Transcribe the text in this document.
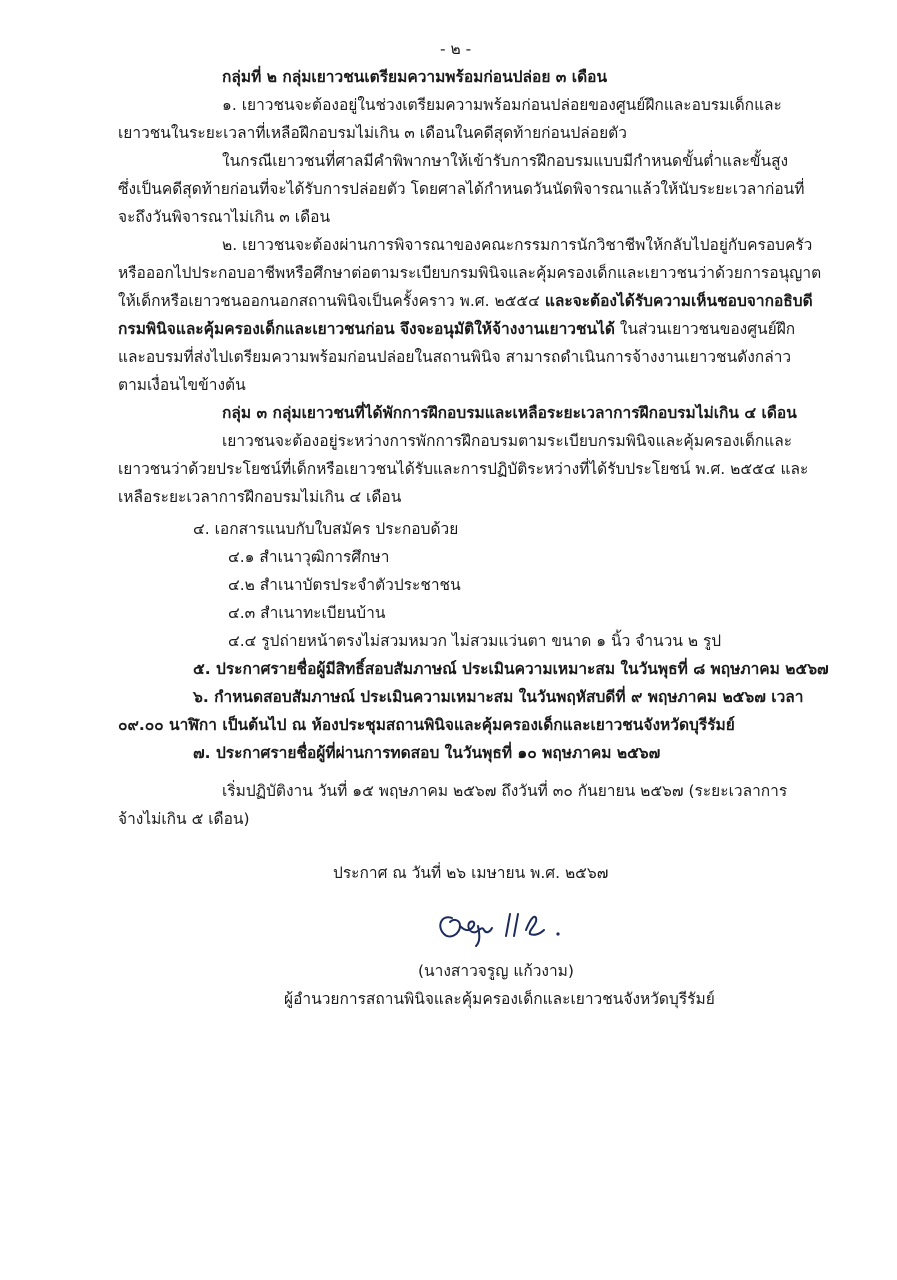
- ๒ -
กลุ่มที่ ๒ กลุ่มเยาวชนเตรียมความพร้อมก่อนปล่อย ๓ เดือน
๑. เยาวชนจะต้องอยู่ในช่วงเตรียมความพร้อมก่อนปล่อยของศูนย์ฝึกและอบรมเด็กและ
เยาวชนในระยะเวลาที่เหลือฝึกอบรมไม่เกิน ๓ เดือนในคดีสุดท้ายก่อนปล่อยตัว
ในกรณีเยาวชนที่ศาลมีคำพิพากษาให้เข้ารับการฝึกอบรมแบบมีกำหนดขั้นต่ำและขั้นสูง
ซึ่งเป็นคดีสุดท้ายก่อนที่จะได้รับการปล่อยตัว โดยศาลได้กำหนดวันนัดพิจารณาแล้วให้นับระยะเวลาก่อนที่
จะถึงวันพิจารณาไม่เกิน ๓ เดือน
๒. เยาวชนจะต้องผ่านการพิจารณาของคณะกรรมการนักวิชาชีพให้กลับไปอยู่กับครอบครัว
หรือออกไปประกอบอาชีพหรือศึกษาต่อตามระเบียบกรมพินิจและคุ้มครองเด็กและเยาวชนว่าด้วยการอนุญาต
ให้เด็กหรือเยาวชนออกนอกสถานพินิจเป็นครั้งคราว พ.ศ. ๒๕๕๔ และจะต้องได้รับความเห็นชอบจากอธิบดี
กรมพินิจและคุ้มครองเด็กและเยาวชนก่อน จึงจะอนุมัติให้จ้างงานเยาวชนได้ ในส่วนเยาวชนของศูนย์ฝึก
และอบรมที่ส่งไปเตรียมความพร้อมก่อนปล่อยในสถานพินิจ สามารถดำเนินการจ้างงานเยาวชนดังกล่าว
ตามเงื่อนไขข้างต้น
กลุ่ม ๓ กลุ่มเยาวชนที่ได้พักการฝึกอบรมและเหลือระยะเวลาการฝึกอบรมไม่เกิน ๔ เดือน
เยาวชนจะต้องอยู่ระหว่างการพักการฝึกอบรมตามระเบียบกรมพินิจและคุ้มครองเด็กและ
เยาวชนว่าด้วยประโยชน์ที่เด็กหรือเยาวชนได้รับและการปฏิบัติระหว่างที่ได้รับประโยชน์ พ.ศ. ๒๕๕๔ และ
เหลือระยะเวลาการฝึกอบรมไม่เกิน ๔ เดือน
๔. เอกสารแนบกับใบสมัคร ประกอบด้วย
๔.๑ สำเนาวุฒิการศึกษา
๔.๒ สำเนาบัตรประจำตัวประชาชน
๔.๓ สำเนาทะเบียนบ้าน
๔.๔ รูปถ่ายหน้าตรงไม่สวมหมวก ไม่สวมแว่นตา ขนาด ๑ นิ้ว จำนวน ๒ รูป
๕. ประกาศรายชื่อผู้มีสิทธิ์สอบสัมภาษณ์ ประเมินความเหมาะสม ในวันพุธที่ ๘ พฤษภาคม ๒๕๖๗
๖. กำหนดสอบสัมภาษณ์ ประเมินความเหมาะสม ในวันพฤหัสบดีที่ ๙ พฤษภาคม ๒๕๖๗ เวลา
๐๙.๐๐ นาฬิกา เป็นต้นไป ณ ห้องประชุมสถานพินิจและคุ้มครองเด็กและเยาวชนจังหวัดบุรีรัมย์
๗. ประกาศรายชื่อผู้ที่ผ่านการทดสอบ ในวันพุธที่ ๑๐ พฤษภาคม ๒๕๖๗
เริ่มปฏิบัติงาน วันที่ ๑๕ พฤษภาคม ๒๕๖๗ ถึงวันที่ ๓๐ กันยายน ๒๕๖๗ (ระยะเวลาการ
จ้างไม่เกิน ๕ เดือน)
ประกาศ ณ วันที่ ๒๖ เมษายน พ.ศ. ๒๕๖๗
(นางสาวจรูญ แก้วงาม)
ผู้อำนวยการสถานพินิจและคุ้มครองเด็กและเยาวชนจังหวัดบุรีรัมย์
